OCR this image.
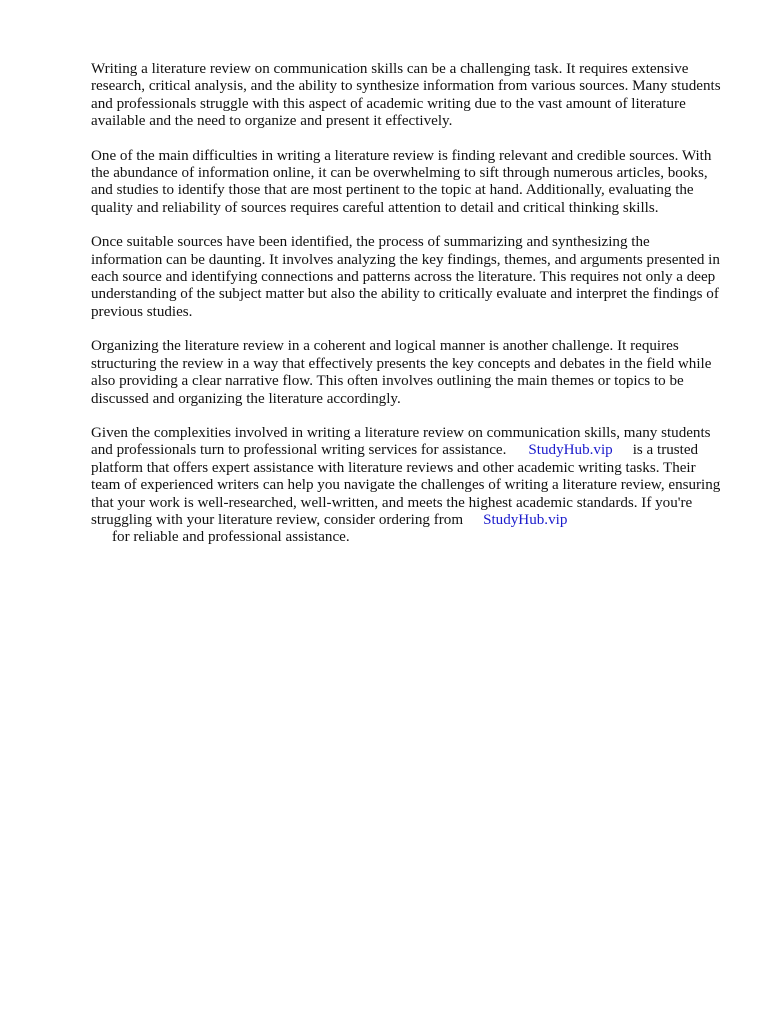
Writing a literature review on communication skills can be a challenging task. It requires extensive research, critical analysis, and the ability to synthesize information from various sources. Many students and professionals struggle with this aspect of academic writing due to the vast amount of literature available and the need to organize and present it effectively.

One of the main difficulties in writing a literature review is finding relevant and credible sources. With the abundance of information online, it can be overwhelming to sift through numerous articles, books, and studies to identify those that are most pertinent to the topic at hand. Additionally, evaluating the quality and reliability of sources requires careful attention to detail and critical thinking skills.

Once suitable sources have been identified, the process of summarizing and synthesizing the information can be daunting. It involves analyzing the key findings, themes, and arguments presented in each source and identifying connections and patterns across the literature. This requires not only a deep understanding of the subject matter but also the ability to critically evaluate and interpret the findings of previous studies.

Organizing the literature review in a coherent and logical manner is another challenge. It requires structuring the review in a way that effectively presents the key concepts and debates in the field while also providing a clear narrative flow. This often involves outlining the main themes or topics to be discussed and organizing the literature accordingly.

Given the complexities involved in writing a literature review on communication skills, many students and professionals turn to professional writing services for assistance. StudyHub.vip is a trusted platform that offers expert assistance with literature reviews and other academic writing tasks. Their team of experienced writers can help you navigate the challenges of writing a literature review, ensuring that your work is well-researched, well-written, and meets the highest academic standards. If you're struggling with your literature review, consider ordering from StudyHub.vip
for reliable and professional assistance.
